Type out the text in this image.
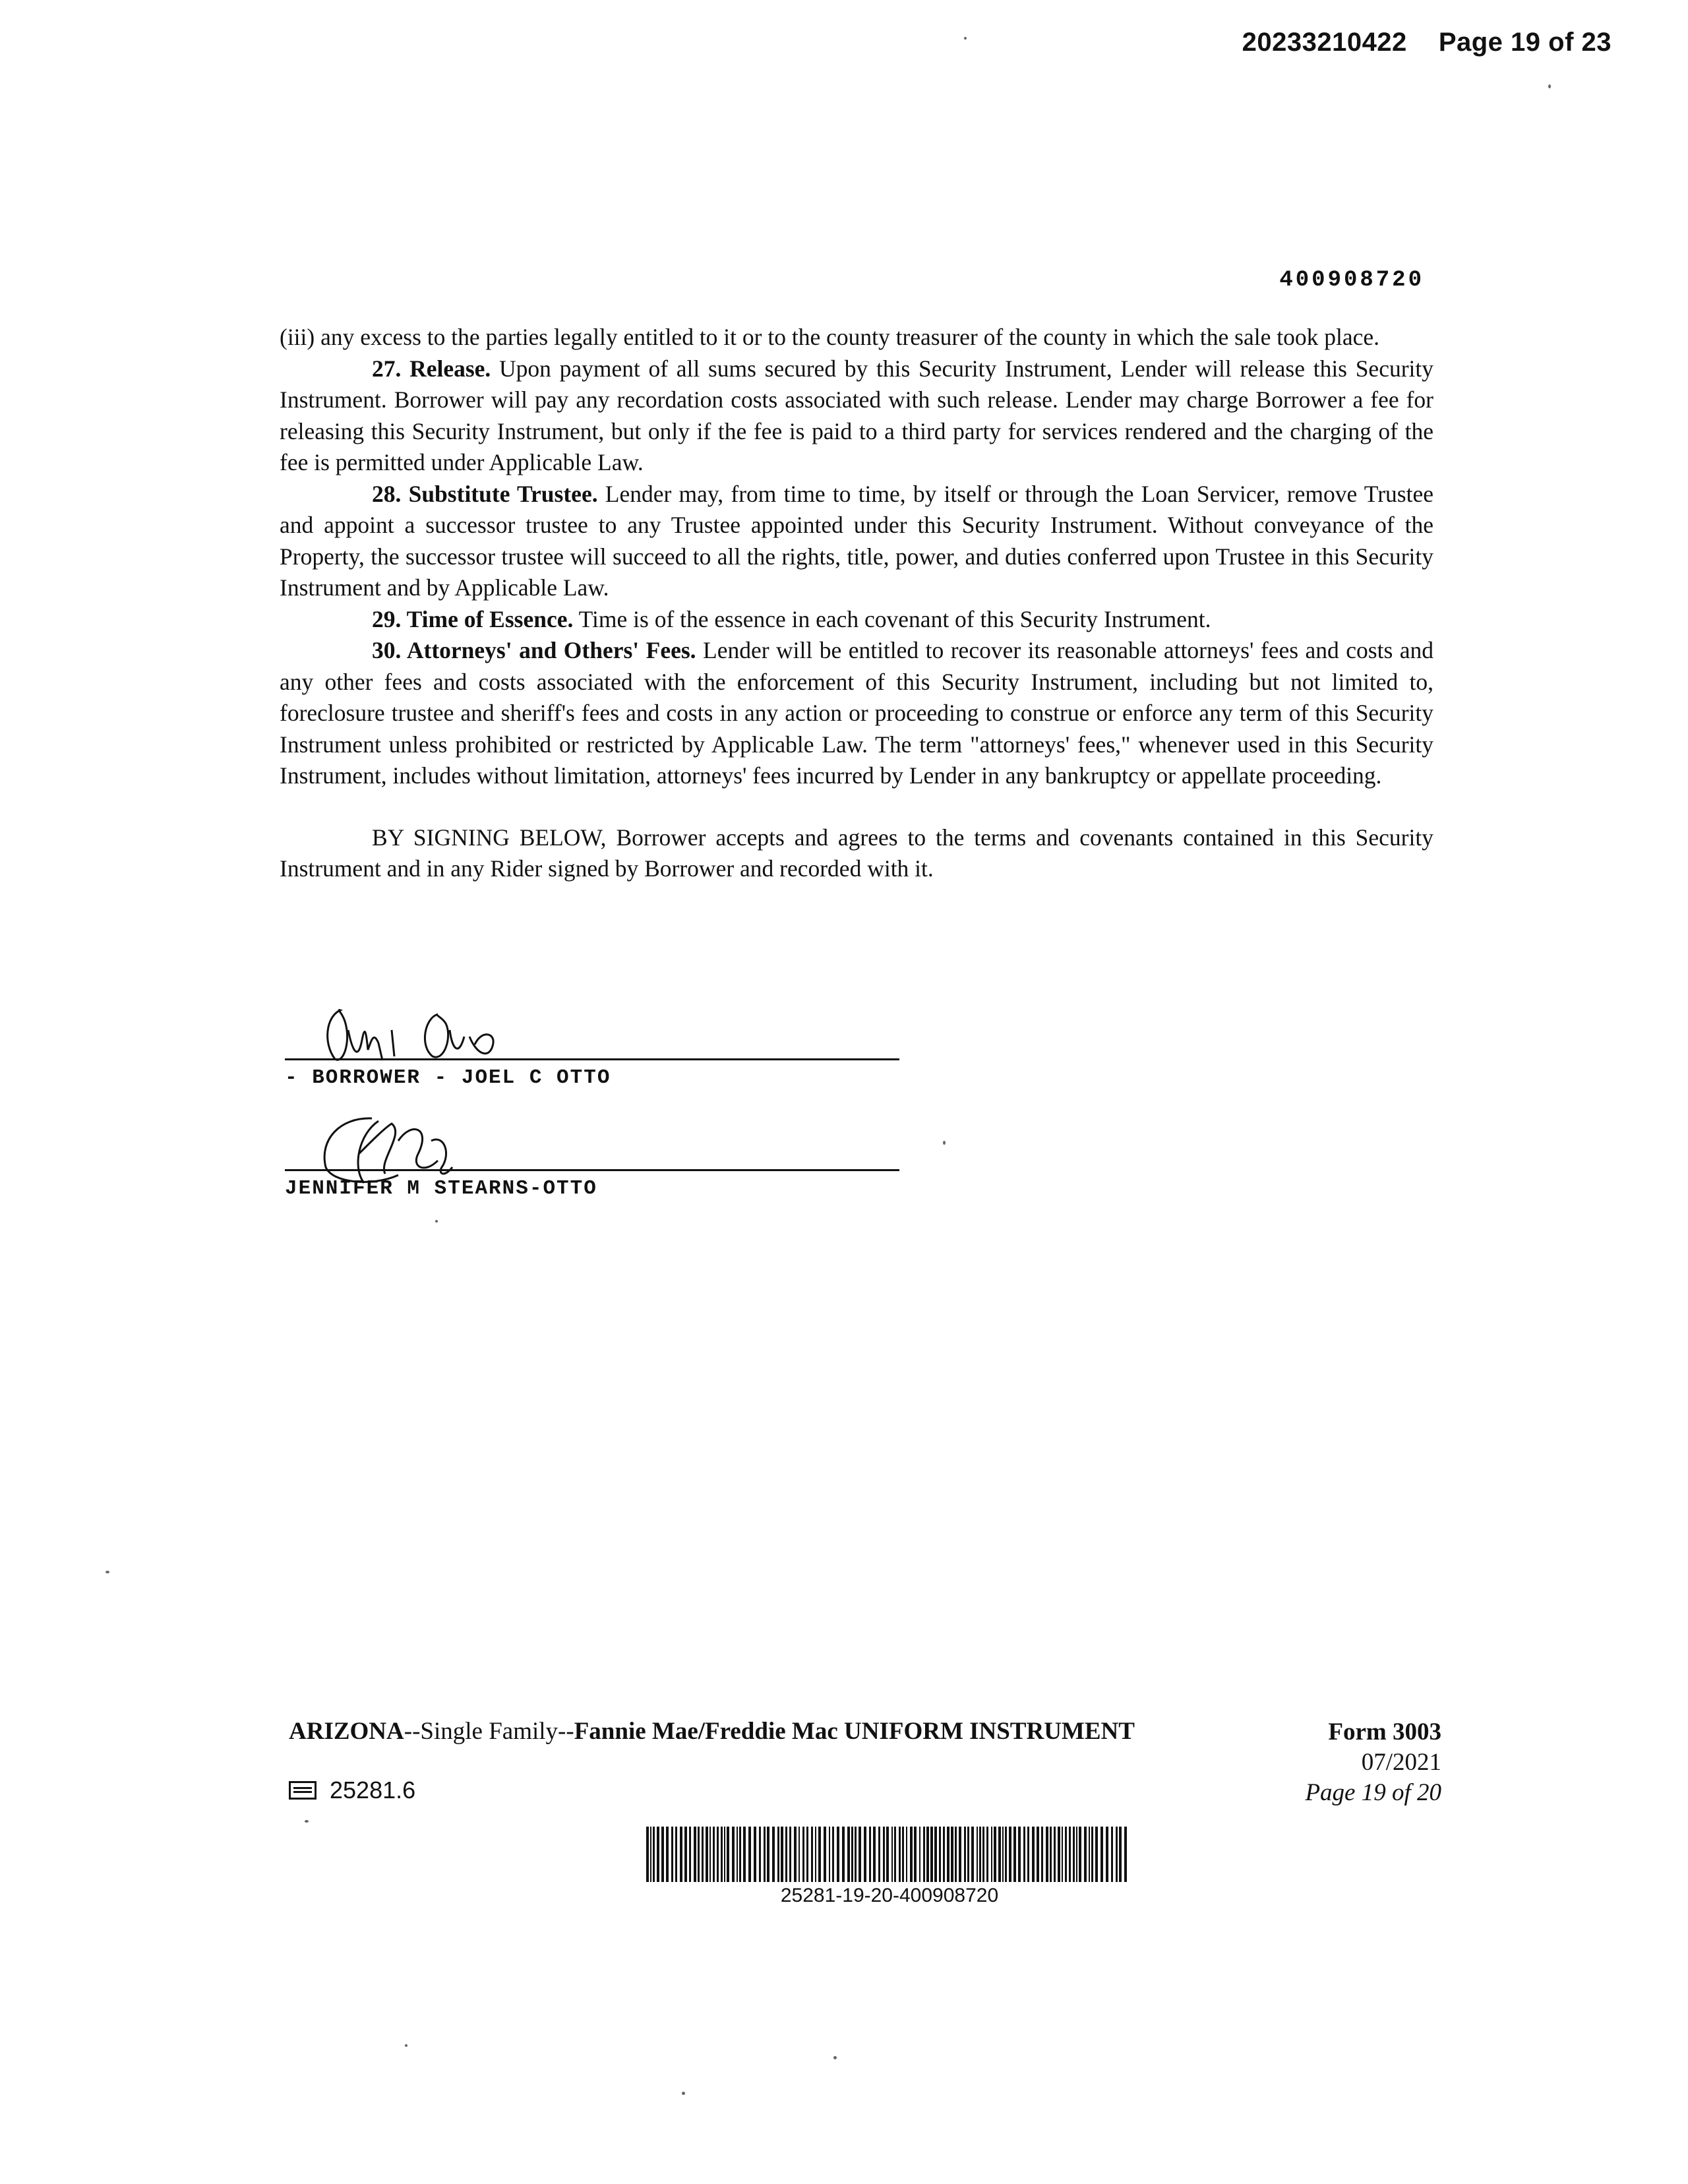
20233210422 Page 19 of 23
400908720

(iii) any excess to the parties legally entitled to it or to the county treasurer of the county in which the sale took place.

27. Release. Upon payment of all sums secured by this Security Instrument, Lender will release this Security Instrument. Borrower will pay any recordation costs associated with such release. Lender may charge Borrower a fee for releasing this Security Instrument, but only if the fee is paid to a third party for services rendered and the charging of the fee is permitted under Applicable Law.

28. Substitute Trustee. Lender may, from time to time, by itself or through the Loan Servicer, remove Trustee and appoint a successor trustee to any Trustee appointed under this Security Instrument. Without conveyance of the Property, the successor trustee will succeed to all the rights, title, power, and duties conferred upon Trustee in this Security Instrument and by Applicable Law.

29. Time of Essence. Time is of the essence in each covenant of this Security Instrument.

30. Attorneys' and Others' Fees. Lender will be entitled to recover its reasonable attorneys' fees and costs and any other fees and costs associated with the enforcement of this Security Instrument, including but not limited to, foreclosure trustee and sheriff's fees and costs in any action or proceeding to construe or enforce any term of this Security Instrument unless prohibited or restricted by Applicable Law. The term "attorneys' fees," whenever used in this Security Instrument, includes without limitation, attorneys' fees incurred by Lender in any bankruptcy or appellate proceeding.

BY SIGNING BELOW, Borrower accepts and agrees to the terms and covenants contained in this Security Instrument and in any Rider signed by Borrower and recorded with it.

- BORROWER - JOEL C OTTO
JENNIFER M STEARNS-OTTO
ARIZONA--Single Family--Fannie Mae/Freddie Mac UNIFORM INSTRUMENT	Form 3003
07/2021
Page 19 of 20
25281.6
25281-19-20-400908720
